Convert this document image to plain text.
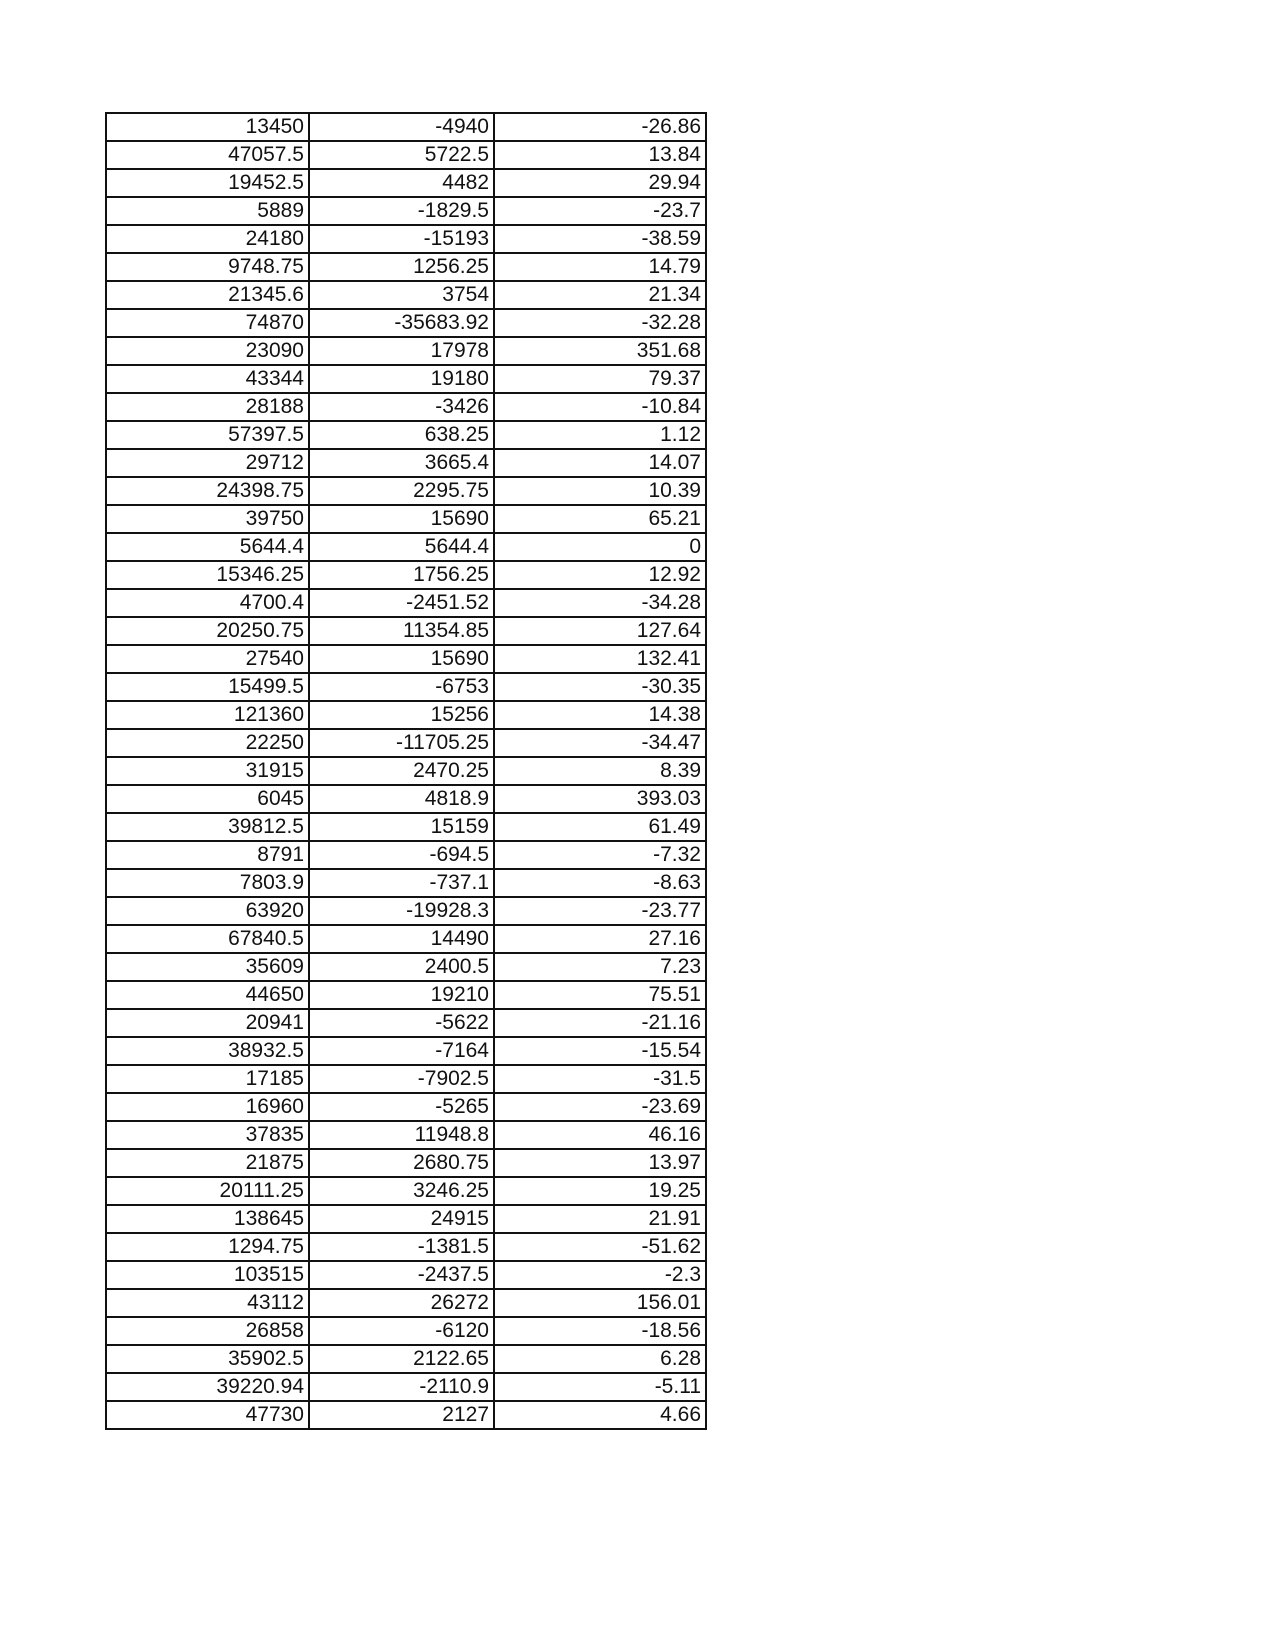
13450	-4940	-26.86
47057.5	5722.5	13.84
19452.5	4482	29.94
5889	-1829.5	-23.7
24180	-15193	-38.59
9748.75	1256.25	14.79
21345.6	3754	21.34
74870	-35683.92	-32.28
23090	17978	351.68
43344	19180	79.37
28188	-3426	-10.84
57397.5	638.25	1.12
29712	3665.4	14.07
24398.75	2295.75	10.39
39750	15690	65.21
5644.4	5644.4	0
15346.25	1756.25	12.92
4700.4	-2451.52	-34.28
20250.75	11354.85	127.64
27540	15690	132.41
15499.5	-6753	-30.35
121360	15256	14.38
22250	-11705.25	-34.47
31915	2470.25	8.39
6045	4818.9	393.03
39812.5	15159	61.49
8791	-694.5	-7.32
7803.9	-737.1	-8.63
63920	-19928.3	-23.77
67840.5	14490	27.16
35609	2400.5	7.23
44650	19210	75.51
20941	-5622	-21.16
38932.5	-7164	-15.54
17185	-7902.5	-31.5
16960	-5265	-23.69
37835	11948.8	46.16
21875	2680.75	13.97
20111.25	3246.25	19.25
138645	24915	21.91
1294.75	-1381.5	-51.62
103515	-2437.5	-2.3
43112	26272	156.01
26858	-6120	-18.56
35902.5	2122.65	6.28
39220.94	-2110.9	-5.11
47730	2127	4.66
